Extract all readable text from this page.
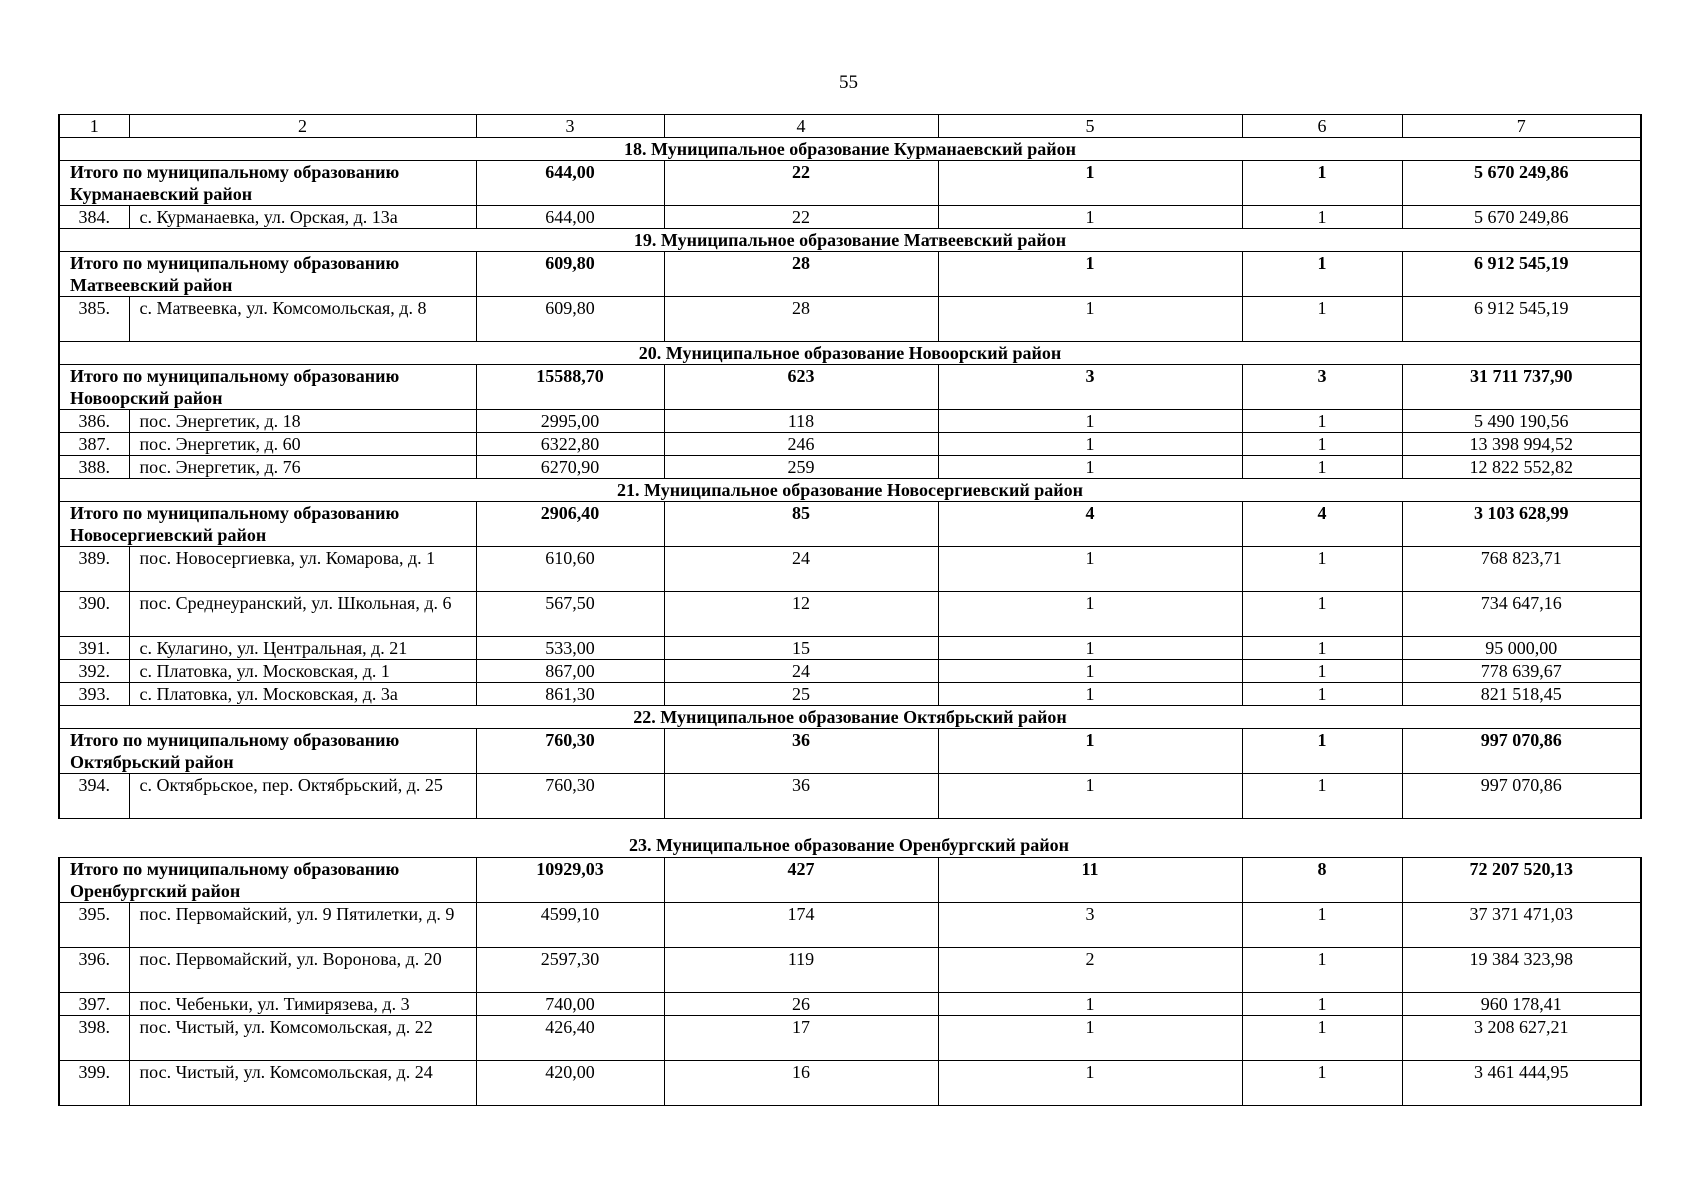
55
1	2	3	4	5	6	7
18. Муниципальное образование Курманаевский район						
Итого по муниципальному образованию Курманаевский район		644,00	22	1	1	5 670 249,86
384.	с. Курманаевка, ул. Орская, д. 13а	644,00	22	1	1	5 670 249,86
19. Муниципальное образование Матвеевский район						
Итого по муниципальному образованию Матвеевский район		609,80	28	1	1	6 912 545,19
385.	с. Матвеевка, ул. Комсомольская, д. 8	609,80	28	1	1	6 912 545,19
20. Муниципальное образование Новоорский район						
Итого по муниципальному образованию Новоорский район		15588,70	623	3	3	31 711 737,90
386.	пос. Энергетик, д. 18	2995,00	118	1	1	5 490 190,56
387.	пос. Энергетик, д. 60	6322,80	246	1	1	13 398 994,52
388.	пос. Энергетик, д. 76	6270,90	259	1	1	12 822 552,82
21. Муниципальное образование Новосергиевский район						
Итого по муниципальному образованию Новосергиевский район		2906,40	85	4	4	3 103 628,99
389.	пос. Новосергиевка, ул. Комарова, д. 1	610,60	24	1	1	768 823,71
390.	пос. Среднеуранский, ул. Школьная, д. 6	567,50	12	1	1	734 647,16
391.	с. Кулагино, ул. Центральная, д. 21	533,00	15	1	1	95 000,00
392.	с. Платовка, ул. Московская, д. 1	867,00	24	1	1	778 639,67
393.	с. Платовка, ул. Московская, д. 3а	861,30	25	1	1	821 518,45
22. Муниципальное образование Октябрьский район						
Итого по муниципальному образованию Октябрьский район		760,30	36	1	1	997 070,86
394.	с. Октябрьское, пер. Октябрьский, д. 25	760,30	36	1	1	997 070,86
23. Муниципальное образование Оренбургский район
Итого по муниципальному образованию Оренбургский район		10929,03	427	11	8	72 207 520,13
395.	пос. Первомайский, ул. 9 Пятилетки, д. 9	4599,10	174	3	1	37 371 471,03
396.	пос. Первомайский, ул. Воронова, д. 20	2597,30	119	2	1	19 384 323,98
397.	пос. Чебеньки, ул. Тимирязева, д. 3	740,00	26	1	1	960 178,41
398.	пос. Чистый, ул. Комсомольская, д. 22	426,40	17	1	1	3 208 627,21
399.	пос. Чистый, ул. Комсомольская, д. 24	420,00	16	1	1	3 461 444,95
